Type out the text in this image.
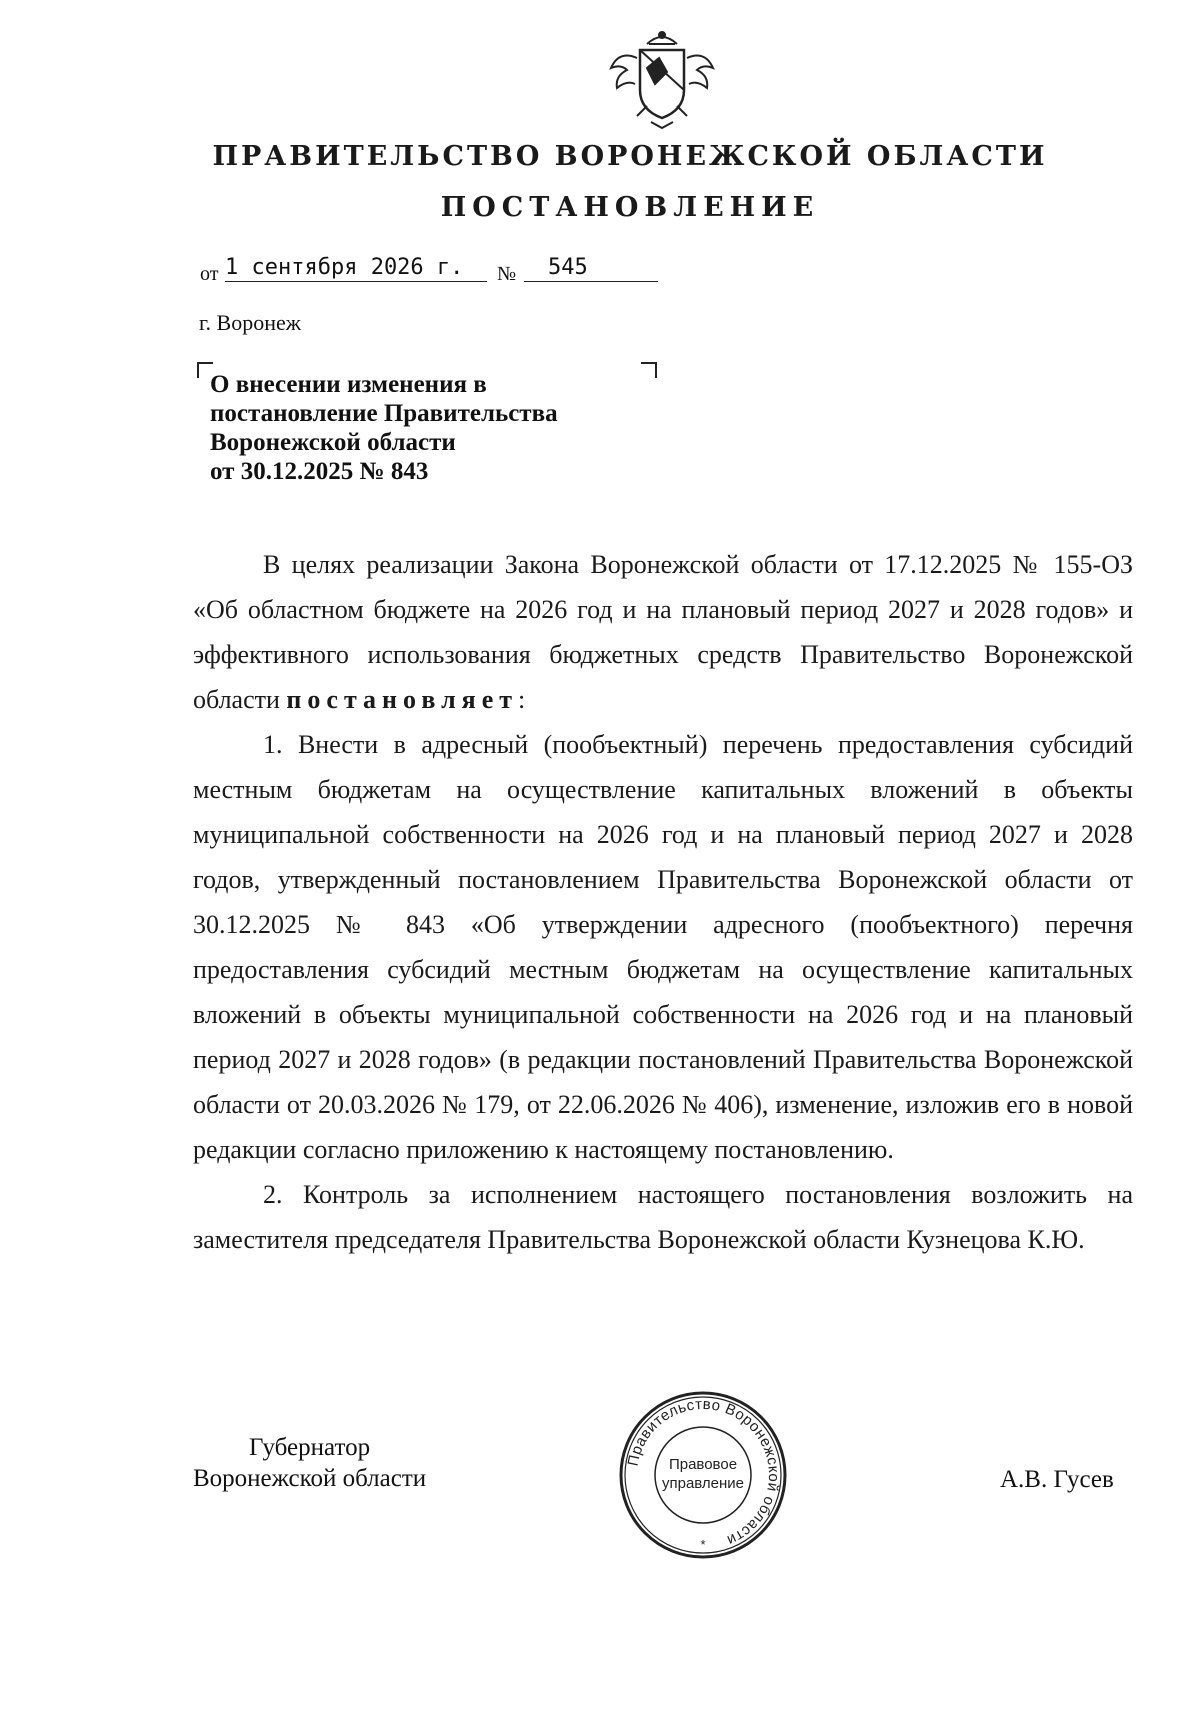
ПРАВИТЕЛЬСТВО ВОРОНЕЖСКОЙ ОБЛАСТИ
ПОСТАНОВЛЕНИЕ
от 1 сентября 2026 г.	№	545
г. Воронеж
О внесении изменения в
постановление Правительства
Воронежской области
от 30.12.2025 № 843

В целях реализации Закона Воронежской области от 17.12.2025 № 155-ОЗ «Об областном бюджете на 2026 год и на плановый период 2027 и 2028 годов» и эффективного использования бюджетных средств Правительство Воронежской области постановляет:

1. Внести в адресный (пообъектный) перечень предоставления субсидий местным бюджетам на осуществление капитальных вложений в объекты муниципальной собственности на 2026 год и на плановый период 2027 и 2028 годов, утвержденный постановлением Правительства Воронежской области от 30.12.2025 № 843 «Об утверждении адресного (пообъектного) перечня предоставления субсидий местным бюджетам на осуществление капитальных вложений в объекты муниципальной собственности на 2026 год и на плановый период 2027 и 2028 годов» (в редакции постановлений Правительства Воронежской области от 20.03.2026 № 179, от 22.06.2026 № 406), изменение, изложив его в новой редакции согласно приложению к настоящему постановлению.

2. Контроль за исполнением настоящего постановления возложить на заместителя председателя Правительства Воронежской области Кузнецова К.Ю.

Губернатор
Воронежской области
Правительство Воронежской области
Правовое
управление
*
А.В. Гусев
